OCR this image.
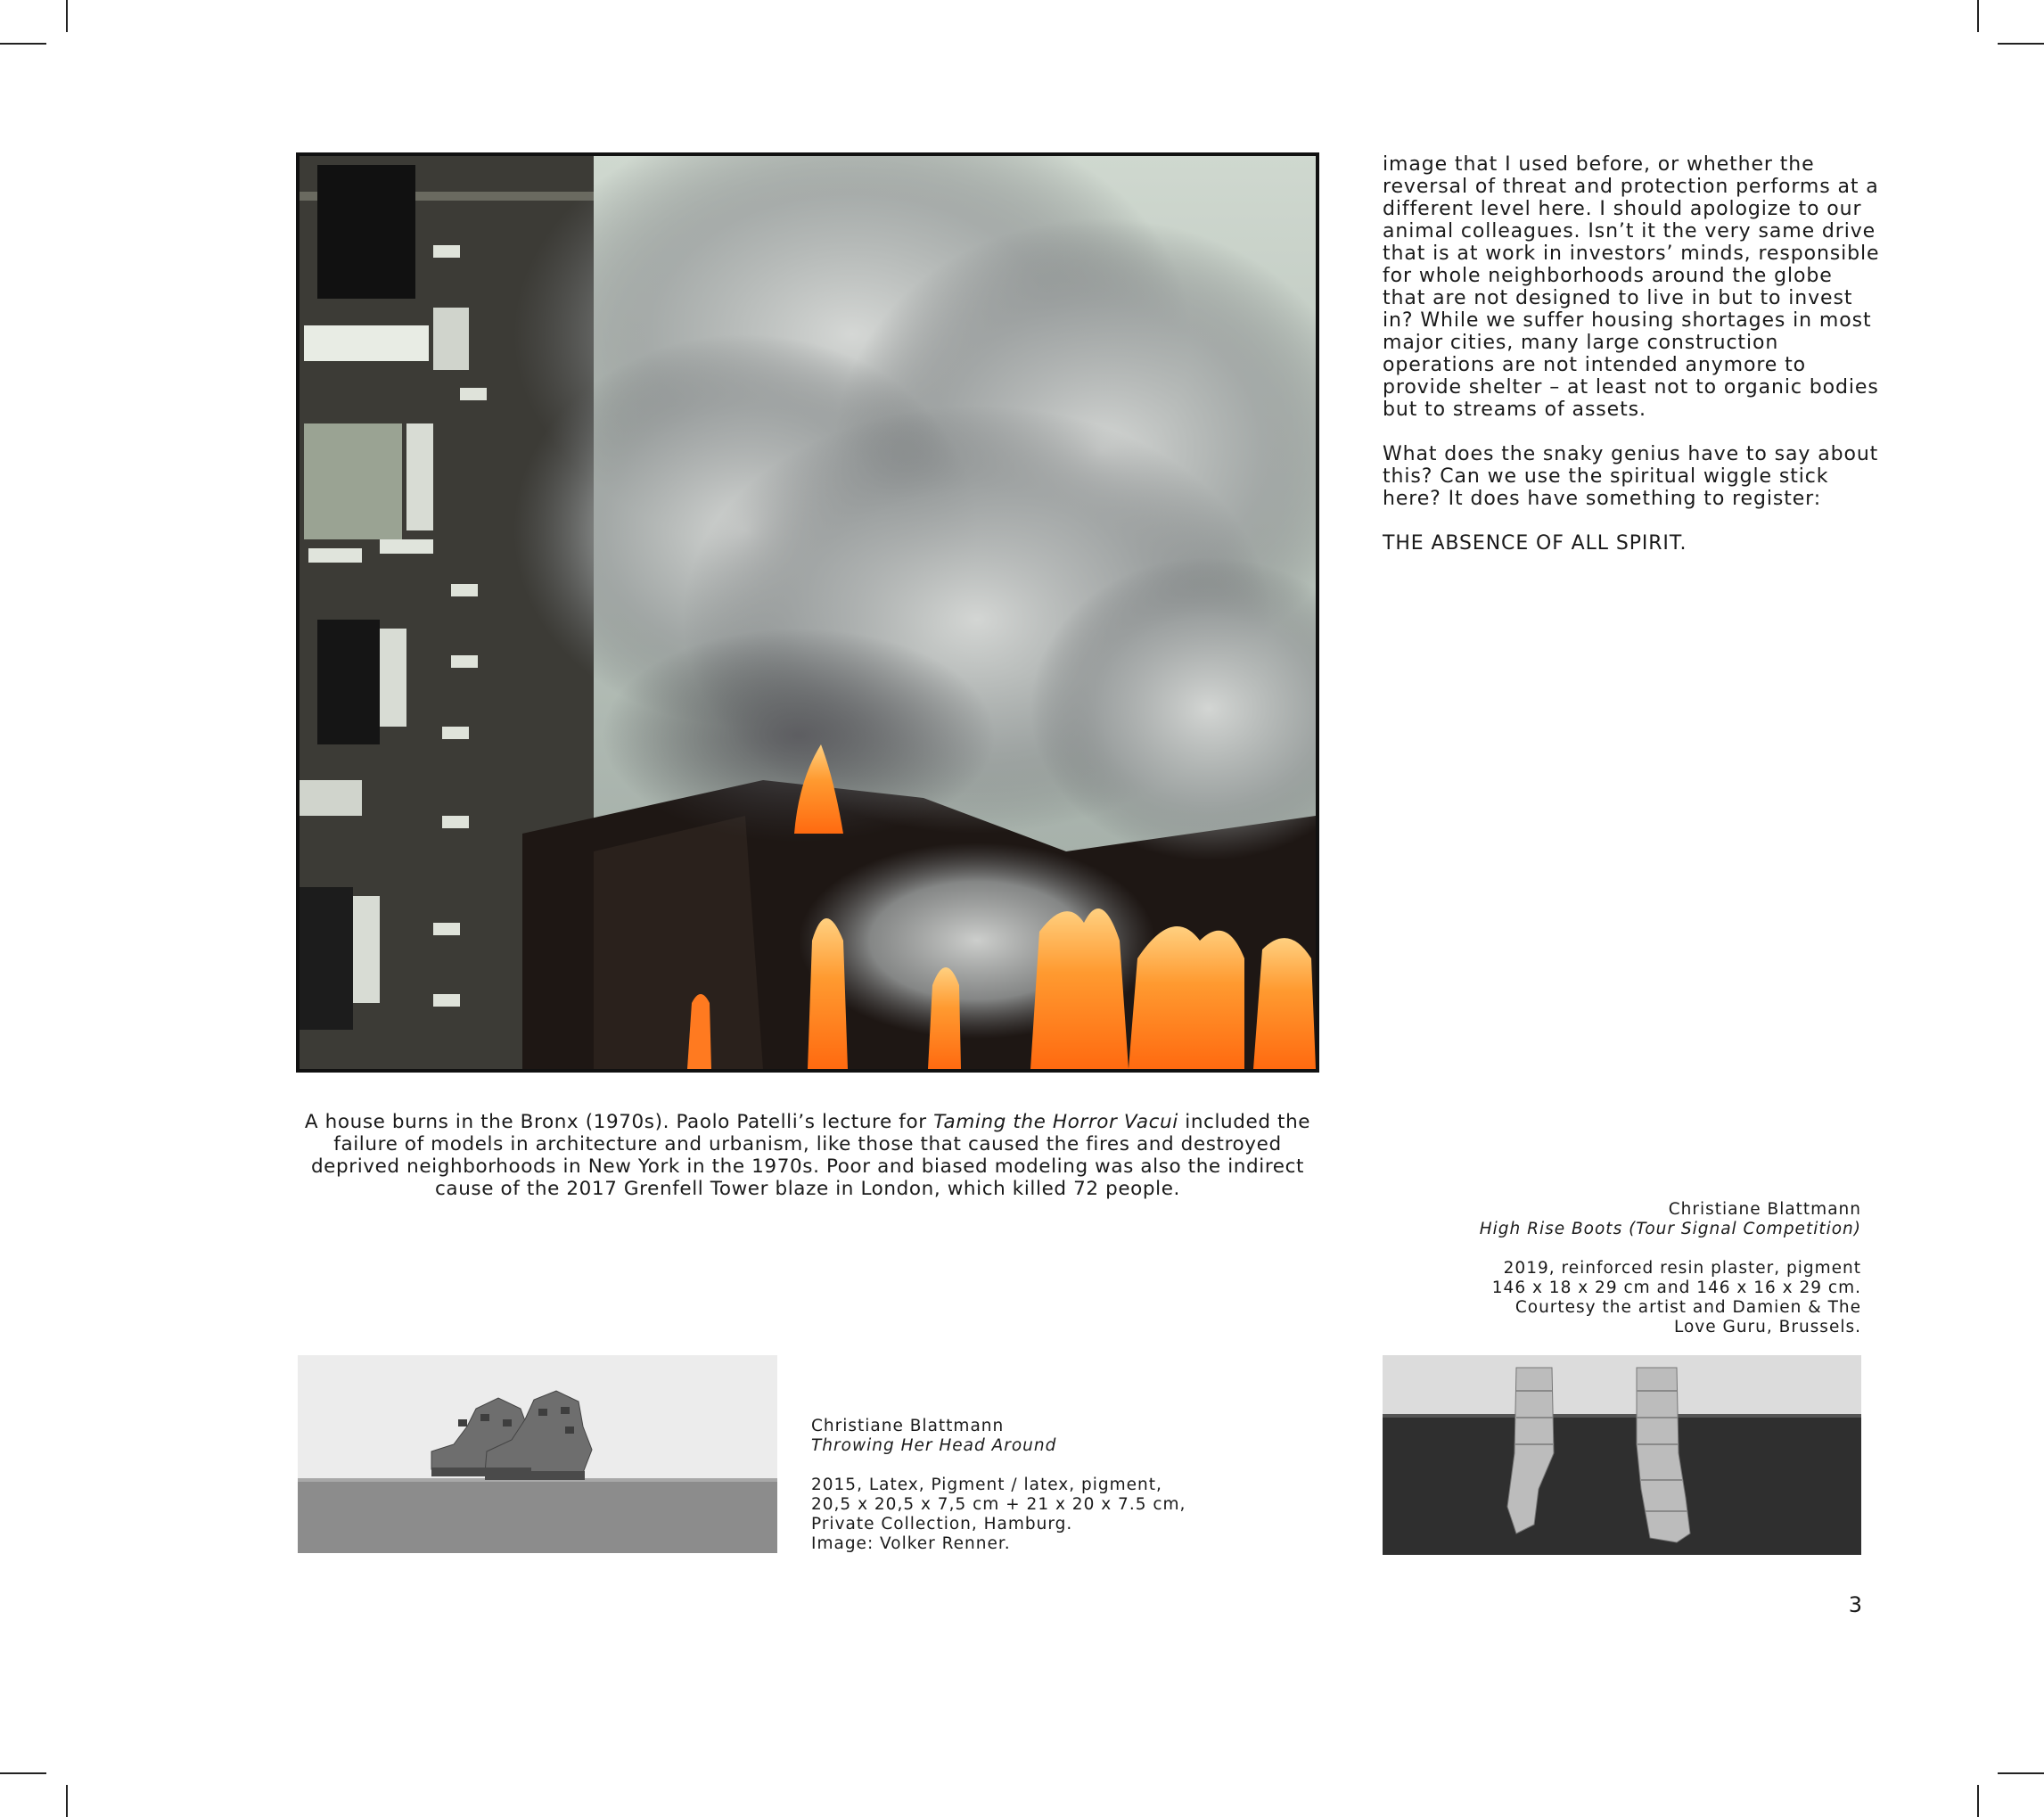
A house burns in the Bronx (1970s). Paolo Patelli’s lecture for Taming the Horror Vacui included the failure of models in architecture and urbanism, like those that caused the fires and destroyed deprived neighborhoods in New York in the 1970s. Poor and biased modeling was also the indirect cause of the 2017 Grenfell Tower blaze in London, which killed 72 people.

image that I used before, or whether the reversal of threat and protection performs at a different level here. I should apologize to our animal colleagues. Isn’t it the very same drive that is at work in investors’ minds, responsible for whole neighborhoods around the globe that are not designed to live in but to invest in? While we suffer housing shortages in most major cities, many large construction operations are not intended anymore to provide shelter – at least not to organic bodies but to streams of assets.

What does the snaky genius have to say about this? Can we use the spiritual wiggle stick here? It does have something to register:

THE ABSENCE OF ALL SPIRIT.

Christiane Blattmann

High Rise Boots (Tour Signal Competition)

2019, reinforced resin plaster, pigment

146 x 18 x 29 cm and 146 x 16 x 29 cm.

Courtesy the artist and Damien & The

Love Guru, Brussels.

Christiane Blattmann

Throwing Her Head Around

2015, Latex, Pigment / latex, pigment,

20,5 x 20,5 x 7,5 cm + 21 x 20 x 7.5 cm,

Private Collection, Hamburg.

Image: Volker Renner.

3
